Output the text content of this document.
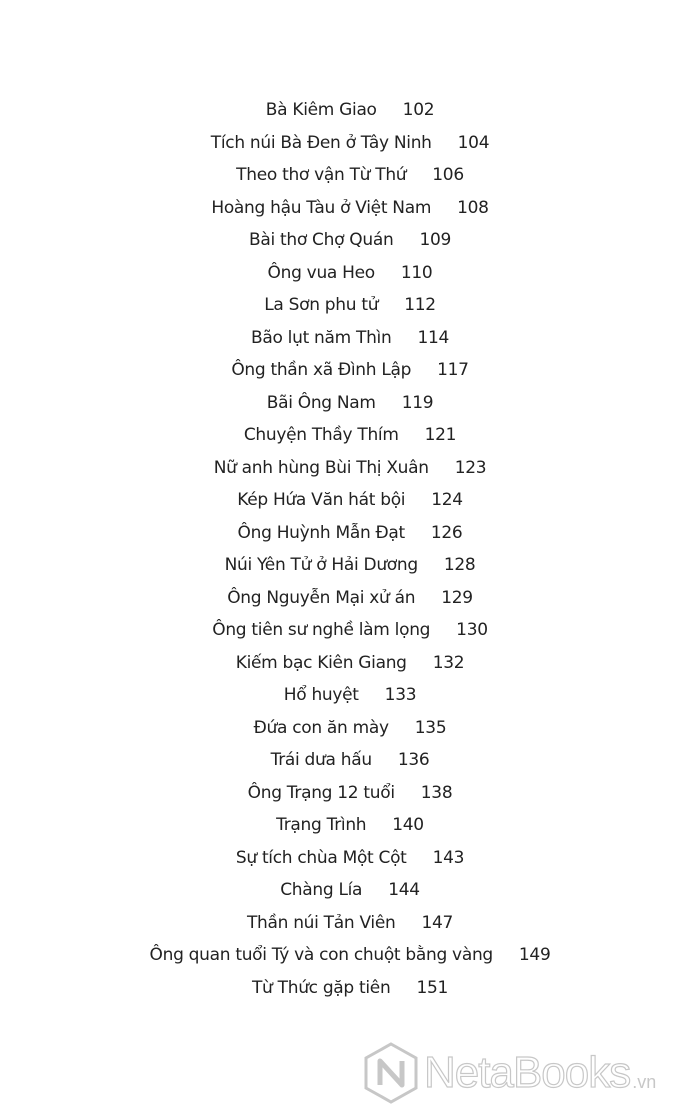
Bà Kiêm Giao 102
Tích núi Bà Đen ở Tây Ninh 104
Theo thơ vận Từ Thứ 106
Hoàng hậu Tàu ở Việt Nam 108
Bài thơ Chợ Quán 109
Ông vua Heo 110
La Sơn phu tử 112
Bão lụt năm Thìn 114
Ông thần xã Đình Lập 117
Bãi Ông Nam 119
Chuyện Thầy Thím 121
Nữ anh hùng Bùi Thị Xuân 123
Kép Hứa Văn hát bội 124
Ông Huỳnh Mẫn Đạt 126
Núi Yên Tử ở Hải Dương 128
Ông Nguyễn Mại xử án 129
Ông tiên sư nghề làm lọng 130
Kiếm bạc Kiên Giang 132
Hổ huyệt 133
Đứa con ăn mày 135
Trái dưa hấu 136
Ông Trạng 12 tuổi 138
Trạng Trình 140
Sự tích chùa Một Cột 143
Chàng Lía 144
Thần núi Tản Viên 147
Ông quan tuổi Tý và con chuột bằng vàng 149
Từ Thức gặp tiên 151
NetaBooks .vn
